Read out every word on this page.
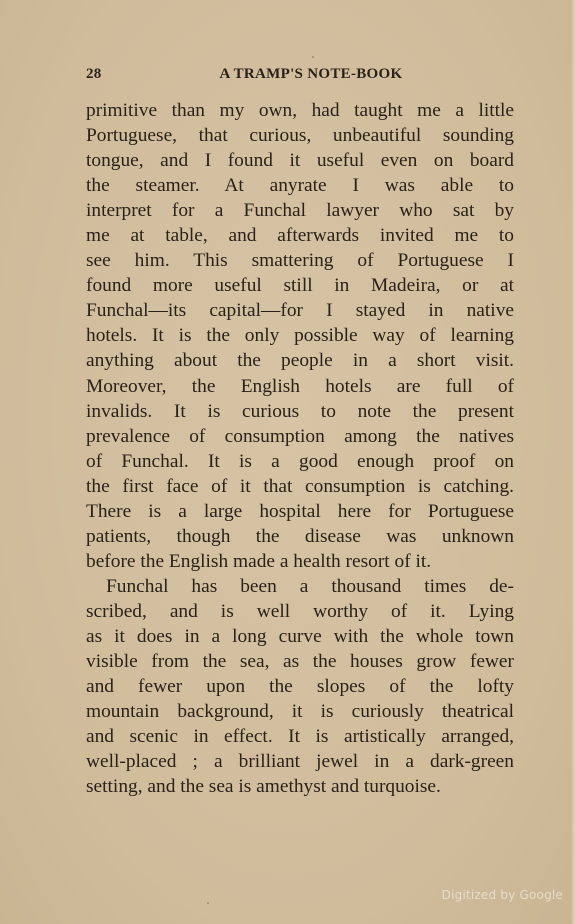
28	A TRAMP'S NOTE-BOOK
primitive than my own, had taught me a little
Portuguese, that curious, unbeautiful sounding
tongue, and I found it useful even on board
the steamer. At anyrate I was able to
interpret for a Funchal lawyer who sat by
me at table, and afterwards invited me to
see him. This smattering of Portuguese I
found more useful still in Madeira, or at
Funchal—its capital—for I stayed in native
hotels. It is the only possible way of learning
anything about the people in a short visit.
Moreover, the English hotels are full of
invalids. It is curious to note the present
prevalence of consumption among the natives
of Funchal. It is a good enough proof on
the first face of it that consumption is catching.
There is a large hospital here for Portuguese
patients, though the disease was unknown
before the English made a health resort of it.
Funchal has been a thousand times de-
scribed, and is well worthy of it. Lying
as it does in a long curve with the whole town
visible from the sea, as the houses grow fewer
and fewer upon the slopes of the lofty
mountain background, it is curiously theatrical
and scenic in effect. It is artistically arranged,
well-placed ; a brilliant jewel in a dark-green
setting, and the sea is amethyst and turquoise.
Digitized by Google
